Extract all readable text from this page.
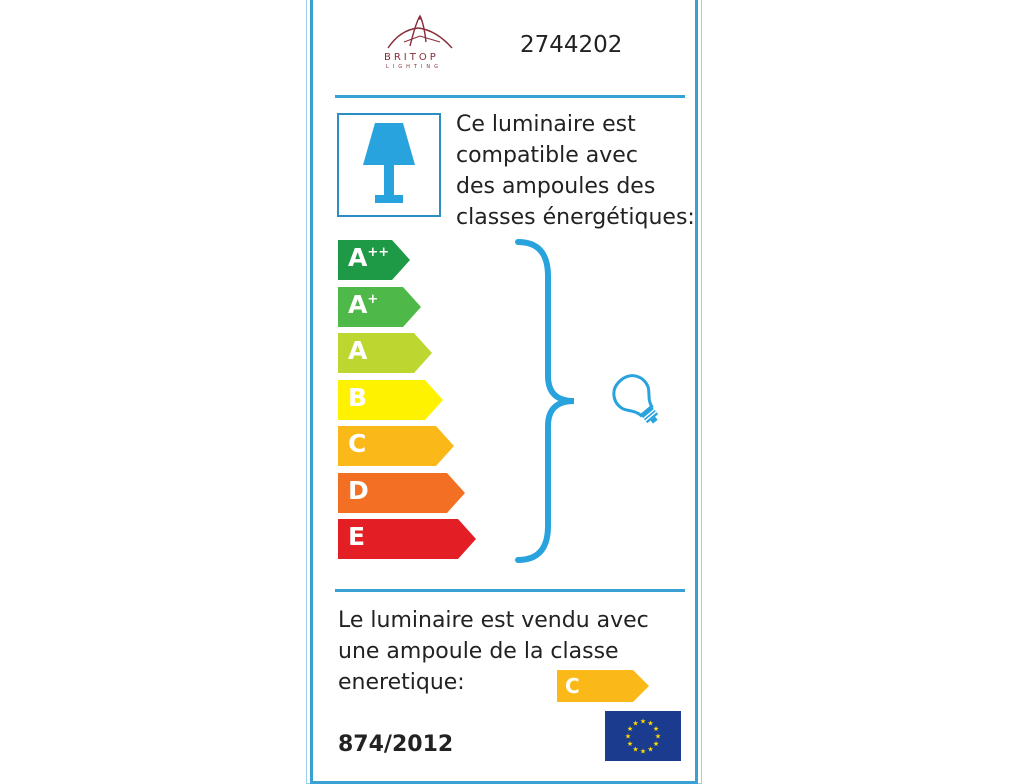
BRITOP
LIGHTING
2744202
Ce luminaire est
compatible avec
des ampoules des
classes énergétiques:
A++
A+
A
B
C
D
E
Le luminaire est vendu avec
une ampoule de la classe
eneretique:	C
★ ★
★
★
★
★
★
★
★
★
★
★
874/2012
